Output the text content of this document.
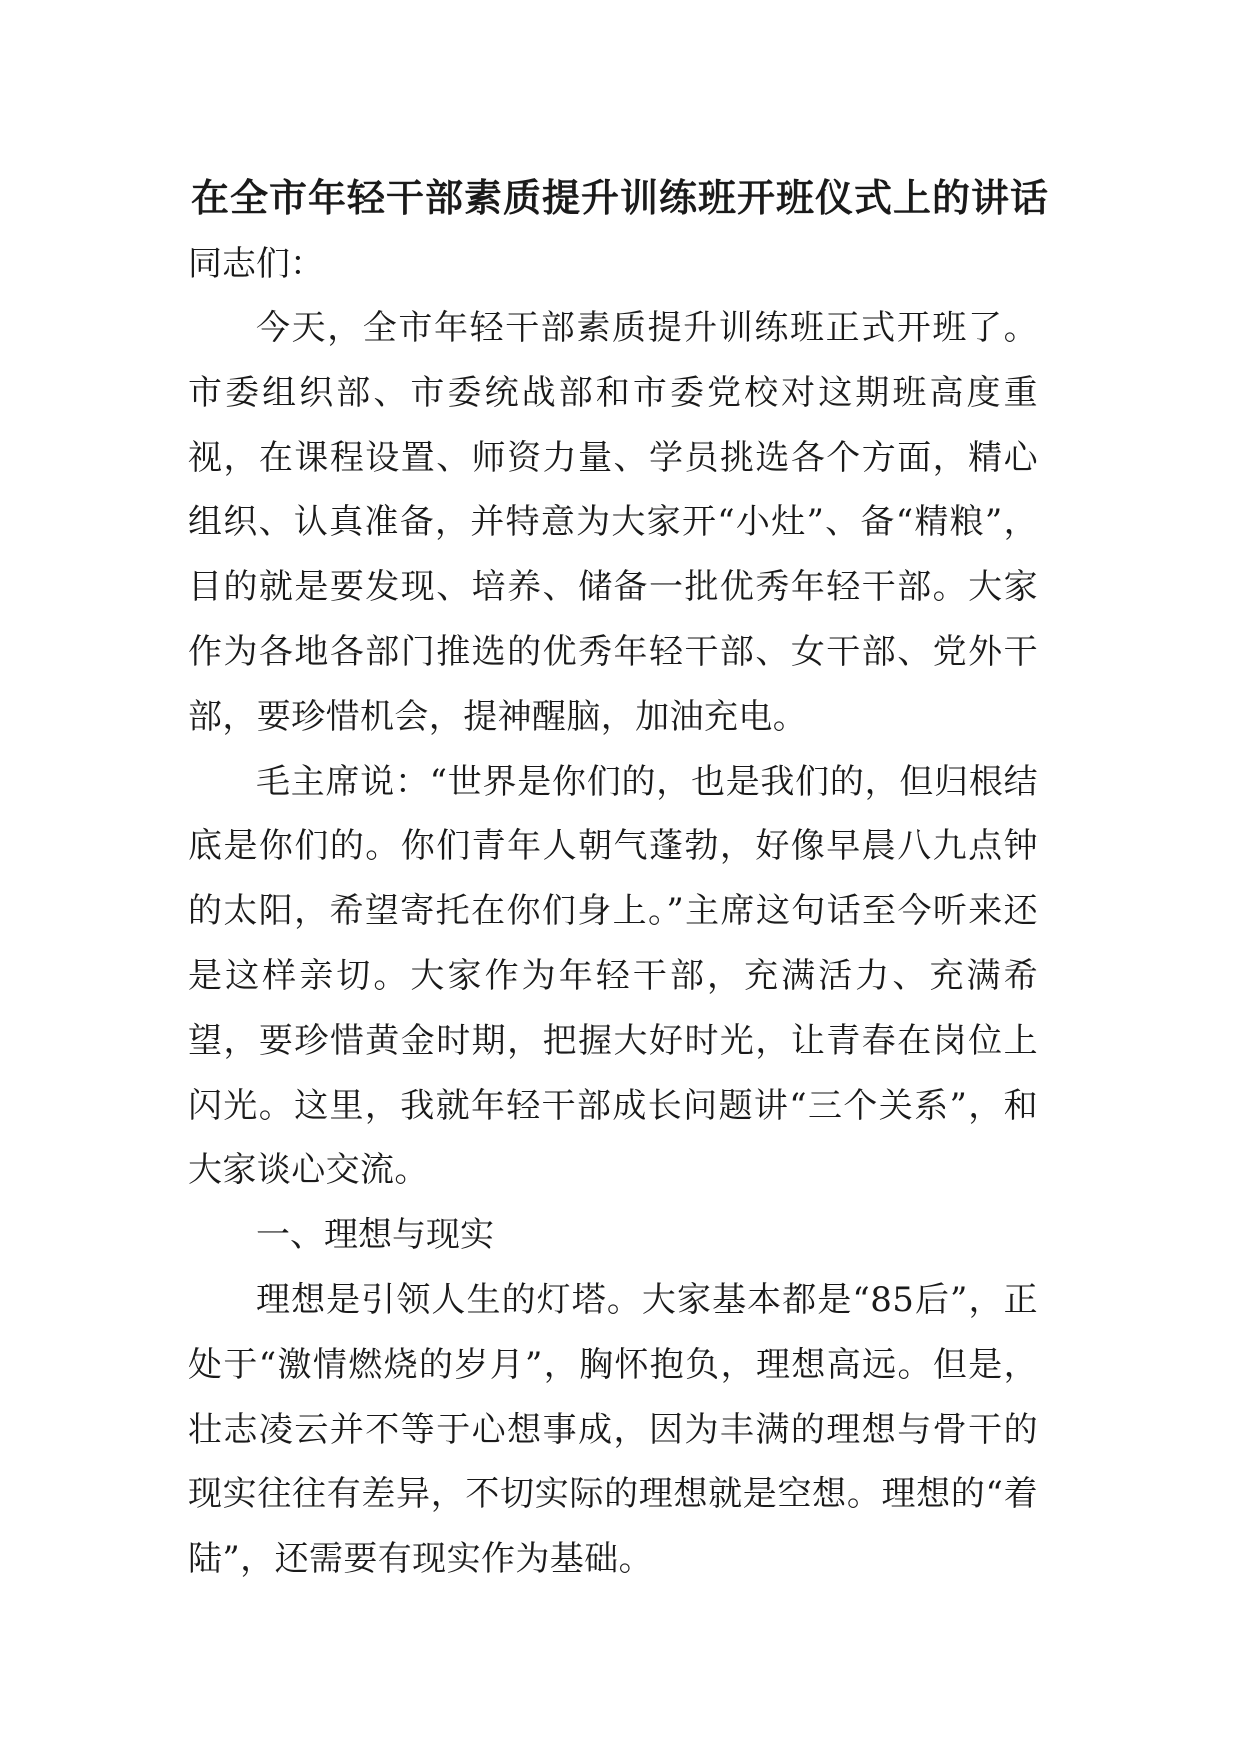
在全市年轻干部素质提升训练班开班仪式上的讲话

同志们：

今天，全市年轻干部素质提升训练班正式开班了。市委组织部、市委统战部和市委党校对这期班高度重视，在课程设置、师资力量、学员挑选各个方面，精心组织、认真准备，并特意为大家开“小灶”、备“精粮”，目的就是要发现、培养、储备一批优秀年轻干部。大家作为各地各部门推选的优秀年轻干部、女干部、党外干部，要珍惜机会，提神醒脑，加油充电。

毛主席说：“世界是你们的，也是我们的，但归根结底是你们的。你们青年人朝气蓬勃，好像早晨八九点钟的太阳，希望寄托在你们身上。”主席这句话至今听来还是这样亲切。大家作为年轻干部，充满活力、充满希望，要珍惜黄金时期，把握大好时光，让青春在岗位上闪光。这里，我就年轻干部成长问题讲“三个关系”，和大家谈心交流。

一、理想与现实

理想是引领人生的灯塔。大家基本都是“85后”，正处于“激情燃烧的岁月”，胸怀抱负，理想高远。但是，壮志凌云并不等于心想事成，因为丰满的理想与骨干的现实往往有差异，不切实际的理想就是空想。理想的“着陆”，还需要有现实作为基础。
